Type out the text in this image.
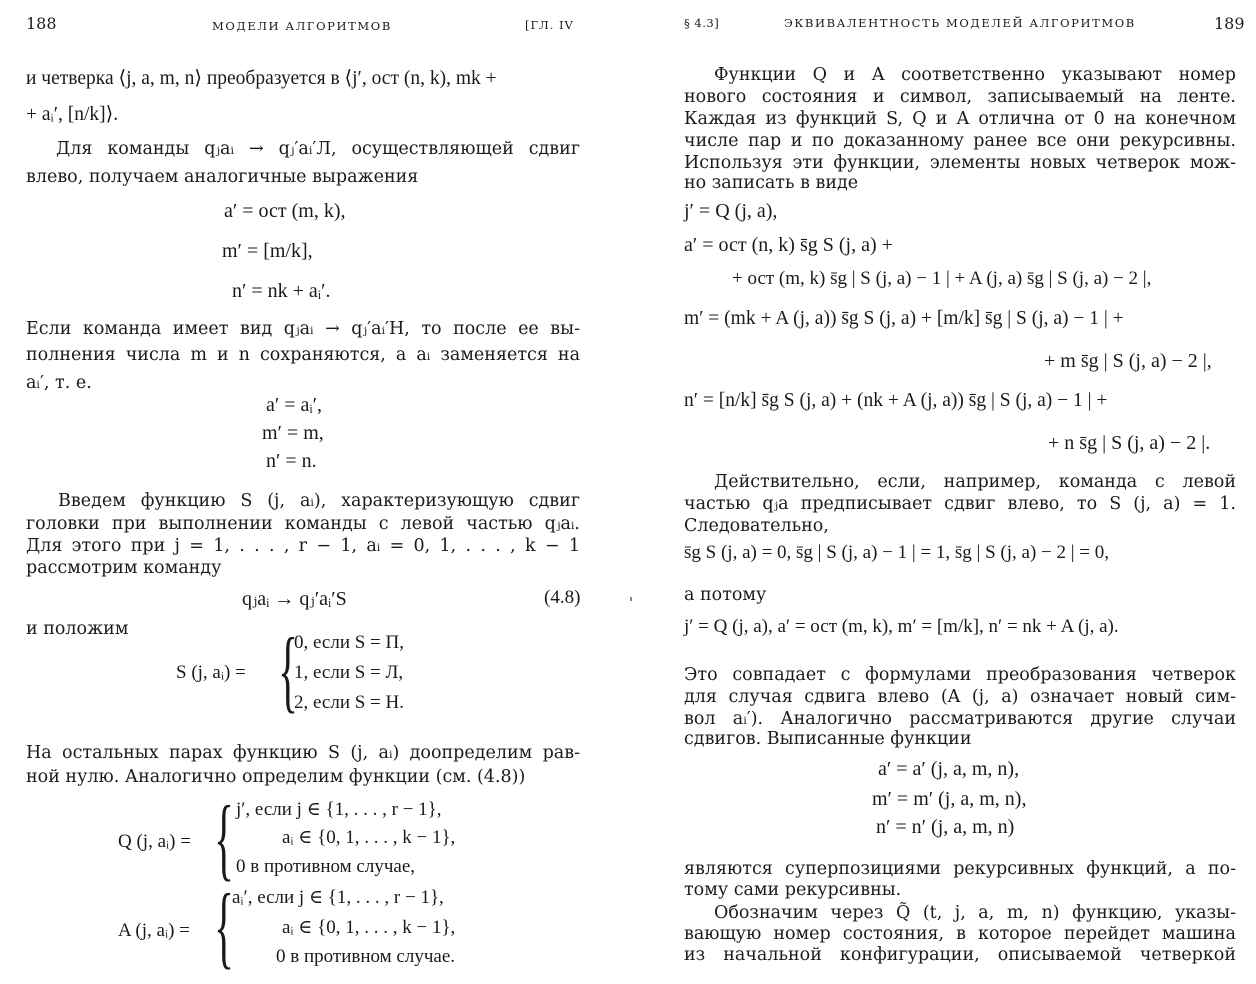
188	МОДЕЛИ АЛГОРИТМОВ	[ГЛ. IV
и четверка ⟨j, a, m, n⟩ преобразуется в ⟨j′, ост (n, k), mk +
+ aᵢ′, [n/k]⟩.
Для команды qⱼaᵢ → qⱼ′aᵢ′Л, осуществляющей сдвиг
влево, получаем аналогичные выражения
a′ = ост (m, k),
m′ = [m/k],
n′ = nk + aᵢ′.
Если команда имеет вид qⱼaᵢ → qⱼ′aᵢ′Н, то после ее вы-
полнения числа m и n сохраняются, а aᵢ заменяется на
aᵢ′, т. е.
a′ = aᵢ′,
m′ = m,
n′ = n.
Введем функцию S (j, aᵢ), характеризующую сдвиг
головки при выполнении команды с левой частью qⱼaᵢ.
Для этого при j = 1, . . . , r − 1, aᵢ = 0, 1, . . . , k − 1
рассмотрим команду
qⱼaᵢ → qⱼ′aᵢ′S	(4.8)
и положим
S (j, aᵢ) = {
0, если S = П,
1, если S = Л,
2, если S = Н.
На остальных парах функцию S (j, aᵢ) доопределим рав-
ной нулю. Аналогично определим функции (см. (4.8))
Q (j, aᵢ) = { j′, если j ∈ {1, . . . , r − 1},
aᵢ ∈ {0, 1, . . . , k − 1},
0 в противном случае,
A (j, aᵢ) = {
aᵢ′, если j ∈ {1, . . . , r − 1},
aᵢ ∈ {0, 1, . . . , k − 1},
0 в противном случае.
§ 4.3]	ЭКВИВАЛЕНТНОСТЬ МОДЕЛЕЙ АЛГОРИТМОВ	189
Функции Q и A соответственно указывают номер
нового состояния и символ, записываемый на ленте.
Каждая из функций S, Q и A отлична от 0 на конечном
числе пар и по доказанному ранее все они рекурсивны.
Используя эти функции, элементы новых четверок мож-
но записать в виде
j′ = Q (j, a),
a′ = ост (n, k) s̄g S (j, a) +
+ ост (m, k) s̄g | S (j, a) − 1 | + A (j, a) s̄g | S (j, a) − 2 |,
m′ = (mk + A (j, a)) s̄̄g S (j, a) + [m/k] s̄g | S (j, a) − 1 | +
+ m s̄g | S (j, a) − 2 |,
n′ = [n/k] s̄̄g S (j, a) + (nk + A (j, a)) s̄g | S (j, a) − 1 | +
+ n s̄g | S (j, a) − 2 |.
Действительно, если, например, команда с левой
частью qⱼa предписывает сдвиг влево, то S (j, a) = 1.
Следовательно,
s̄g S (j, a) = 0, s̄g | S (j, a) − 1 | = 1, s̄g | S (j, a) − 2 | = 0,
а потому
j′ = Q (j, a), a′ = ост (m, k), m′ = [m/k], n′ = nk + A (j, a).
Это совпадает с формулами преобразования четверок
для случая сдвига влево (A (j, a) означает новый сим-
вол aᵢ′). Аналогично рассматриваются другие случаи
сдвигов. Выписанные функции
a′ = a′ (j, a, m, n),
m′ = m′ (j, a, m, n),
n′ = n′ (j, a, m, n)
являются суперпозициями рекурсивных функций, а по-
тому сами рекурсивны.
Обозначим через Q̃ (t, j, a, m, n) функцию, указы-
вающую номер состояния, в которое перейдет машина
из начальной конфигурации, описываемой четверкой
